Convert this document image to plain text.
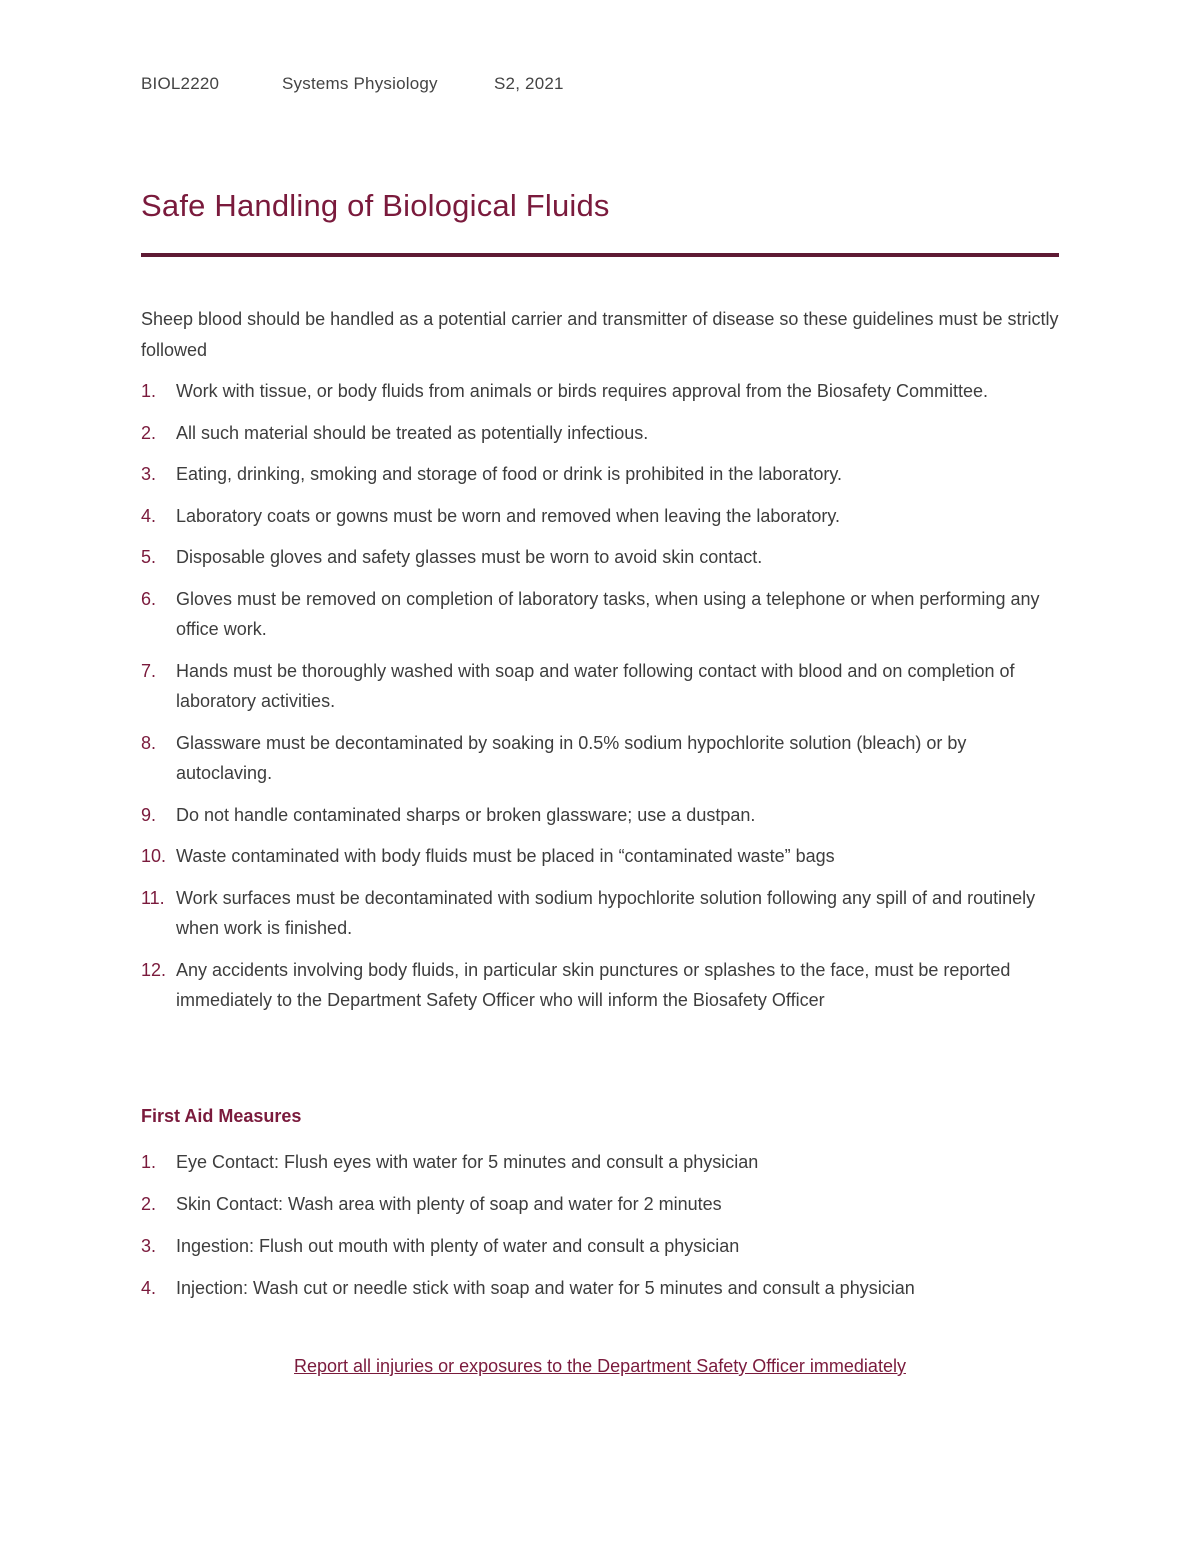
BIOL2220	Systems Physiology	S2, 2021
Safe Handling of Biological Fluids
Sheep blood should be handled as a potential carrier and transmitter of disease so these guidelines must be strictly followed
1. Work with tissue, or body fluids from animals or birds requires approval from the Biosafety Committee.
2. All such material should be treated as potentially infectious.
3. Eating, drinking, smoking and storage of food or drink is prohibited in the laboratory.
4. Laboratory coats or gowns must be worn and removed when leaving the laboratory.
5. Disposable gloves and safety glasses must be worn to avoid skin contact.
6. Gloves must be removed on completion of laboratory tasks, when using a telephone or when performing any office work.
7. Hands must be thoroughly washed with soap and water following contact with blood and on completion of laboratory activities.
8. Glassware must be decontaminated by soaking in 0.5% sodium hypochlorite solution (bleach) or by autoclaving.
9. Do not handle contaminated sharps or broken glassware; use a dustpan.
10. Waste contaminated with body fluids must be placed in “contaminated waste” bags
11. Work surfaces must be decontaminated with sodium hypochlorite solution following any spill of and routinely when work is finished.
12. Any accidents involving body fluids, in particular skin punctures or splashes to the face, must be reported immediately to the Department Safety Officer who will inform the Biosafety Officer
First Aid Measures
1. Eye Contact: Flush eyes with water for 5 minutes and consult a physician
2. Skin Contact: Wash area with plenty of soap and water for 2 minutes
3. Ingestion: Flush out mouth with plenty of water and consult a physician
4. Injection: Wash cut or needle stick with soap and water for 5 minutes and consult a physician
Report all injuries or exposures to the Department Safety Officer immediately
